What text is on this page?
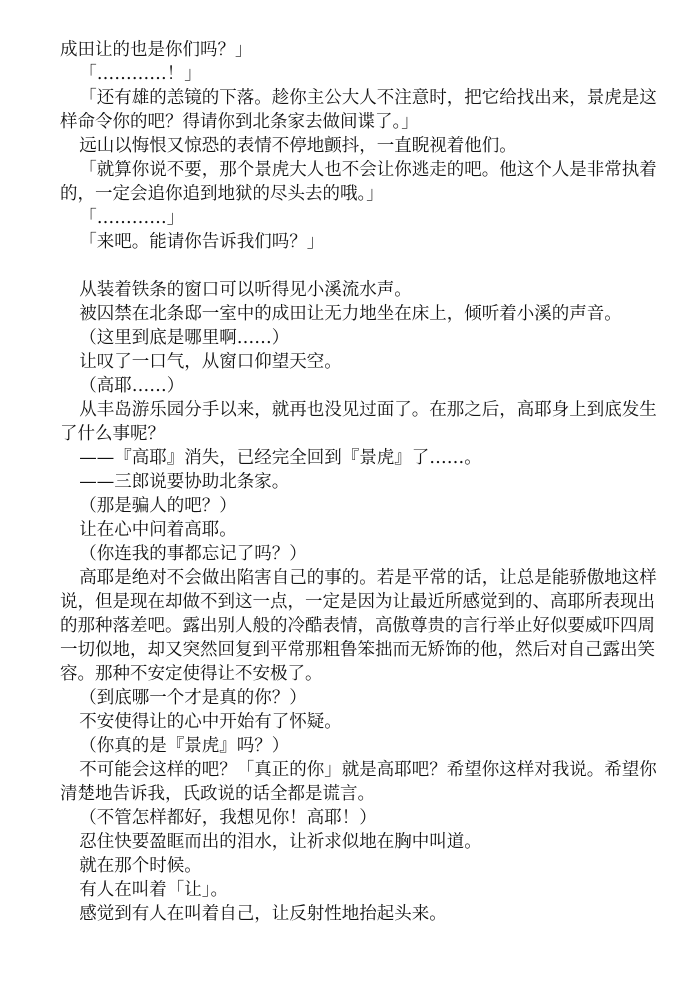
成田让的也是你们吗？」

「…………！」

「还有雄的恙镜的下落。趁你主公大人不注意时，把它给找出来，景虎是这样命令你的吧？得请你到北条家去做间谍了。」

远山以悔恨又惊恐的表情不停地颤抖，一直睨视着他们。

「就算你说不要，那个景虎大人也不会让你逃走的吧。他这个人是非常执着的，一定会追你追到地狱的尽头去的哦。」

「…………」

「来吧。能请你告诉我们吗？」

从装着铁条的窗口可以听得见小溪流水声。

被囚禁在北条邸一室中的成田让无力地坐在床上，倾听着小溪的声音。

（这里到底是哪里啊……）

让叹了一口气，从窗口仰望天空。

（高耶……）

从丰岛游乐园分手以来，就再也没见过面了。在那之后，高耶身上到底发生了什么事呢？

——『高耶』消失，已经完全回到『景虎』了……。

——三郎说要协助北条家。

（那是骗人的吧？）

让在心中问着高耶。

（你连我的事都忘记了吗？）

高耶是绝对不会做出陷害自己的事的。若是平常的话，让总是能骄傲地这样说，但是现在却做不到这一点，一定是因为让最近所感觉到的、高耶所表现出的那种落差吧。露出别人般的冷酷表情，高傲尊贵的言行举止好似要威吓四周一切似地，却又突然回复到平常那粗鲁笨拙而无矫饰的他，然后对自己露出笑容。那种不安定使得让不安极了。

（到底哪一个才是真的你？）

不安使得让的心中开始有了怀疑。

（你真的是『景虎』吗？）

不可能会这样的吧？「真正的你」就是高耶吧？希望你这样对我说。希望你清楚地告诉我，氏政说的话全都是谎言。

（不管怎样都好，我想见你！高耶！）

忍住快要盈眶而出的泪水，让祈求似地在胸中叫道。

就在那个时候。

有人在叫着「让」。

感觉到有人在叫着自己，让反射性地抬起头来。
